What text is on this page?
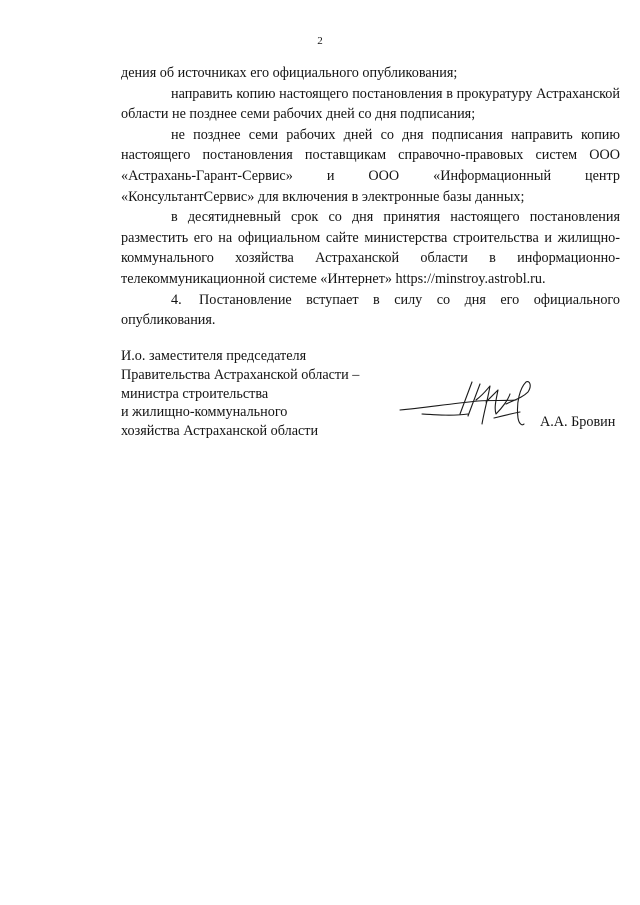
2

дения об источниках его официального опубликования;

направить копию настоящего постановления в прокуратуру Астраханской области не позднее семи рабочих дней со дня подписания;

не позднее семи рабочих дней со дня подписания направить копию настоящего постановления поставщикам справочно-правовых систем ООО «Астрахань-Гарант-Сервис» и ООО «Информационный центр «КонсультантСервис» для включения в электронные базы данных;

в десятидневный срок со дня принятия настоящего постановления разместить его на официальном сайте министерства строительства и жилищно-коммунального хозяйства Астраханской области в информационно-телекоммуникационной системе «Интернет» https://minstroy.astrobl.ru.

4. Постановление вступает в силу со дня его официального опубликования.

И.о. заместителя председателя
Правительства Астраханской области –
министра строительства
и жилищно-коммунального
хозяйства Астраханской области
А.А. Бровин
